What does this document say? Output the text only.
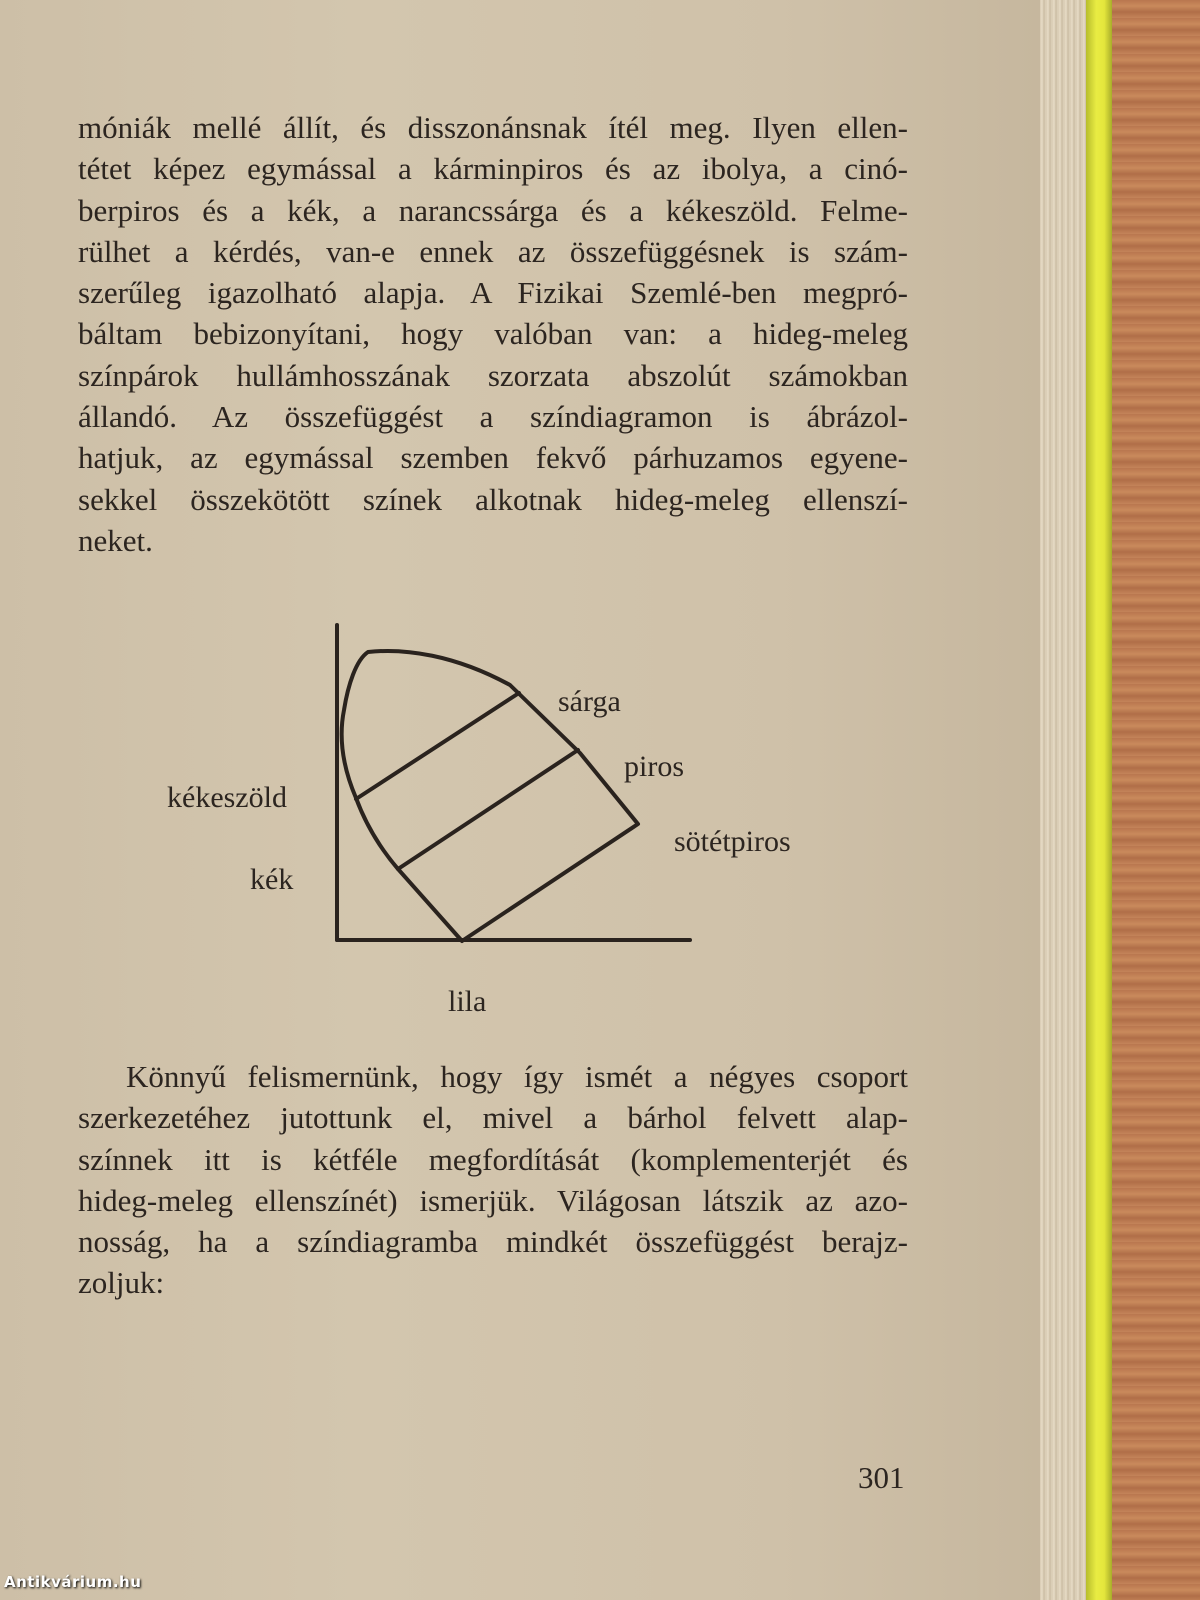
móniák mellé állít, és disszonánsnak ítél meg. Ilyen ellen-
tétet képez egymással a kárminpiros és az ibolya, a cinó-
berpiros és a kék, a narancssárga és a kékeszöld. Felme-
rülhet a kérdés, van-e ennek az összefüggésnek is szám-
szerűleg igazolható alapja. A Fizikai Szemlé-ben megpró-
báltam bebizonyítani, hogy valóban van: a hideg-meleg
színpárok hullámhosszának szorzata abszolút számokban
állandó. Az összefüggést a színdiagramon is ábrázol-
hatjuk, az egymással szemben fekvő párhuzamos egyene-
sekkel összekötött színek alkotnak hideg-meleg ellenszí-
neket.
sárga
piros
sötétpiros
kékeszöld
kék
lila
Könnyű felismernünk, hogy így ismét a négyes csoport
szerkezetéhez jutottunk el, mivel a bárhol felvett alap-
színnek itt is kétféle megfordítását (komplementerjét és
hideg-meleg ellenszínét) ismerjük. Világosan látszik az azo-
nosság, ha a színdiagramba mindkét összefüggést berajz-
zoljuk:
301
Antikvárium.hu
